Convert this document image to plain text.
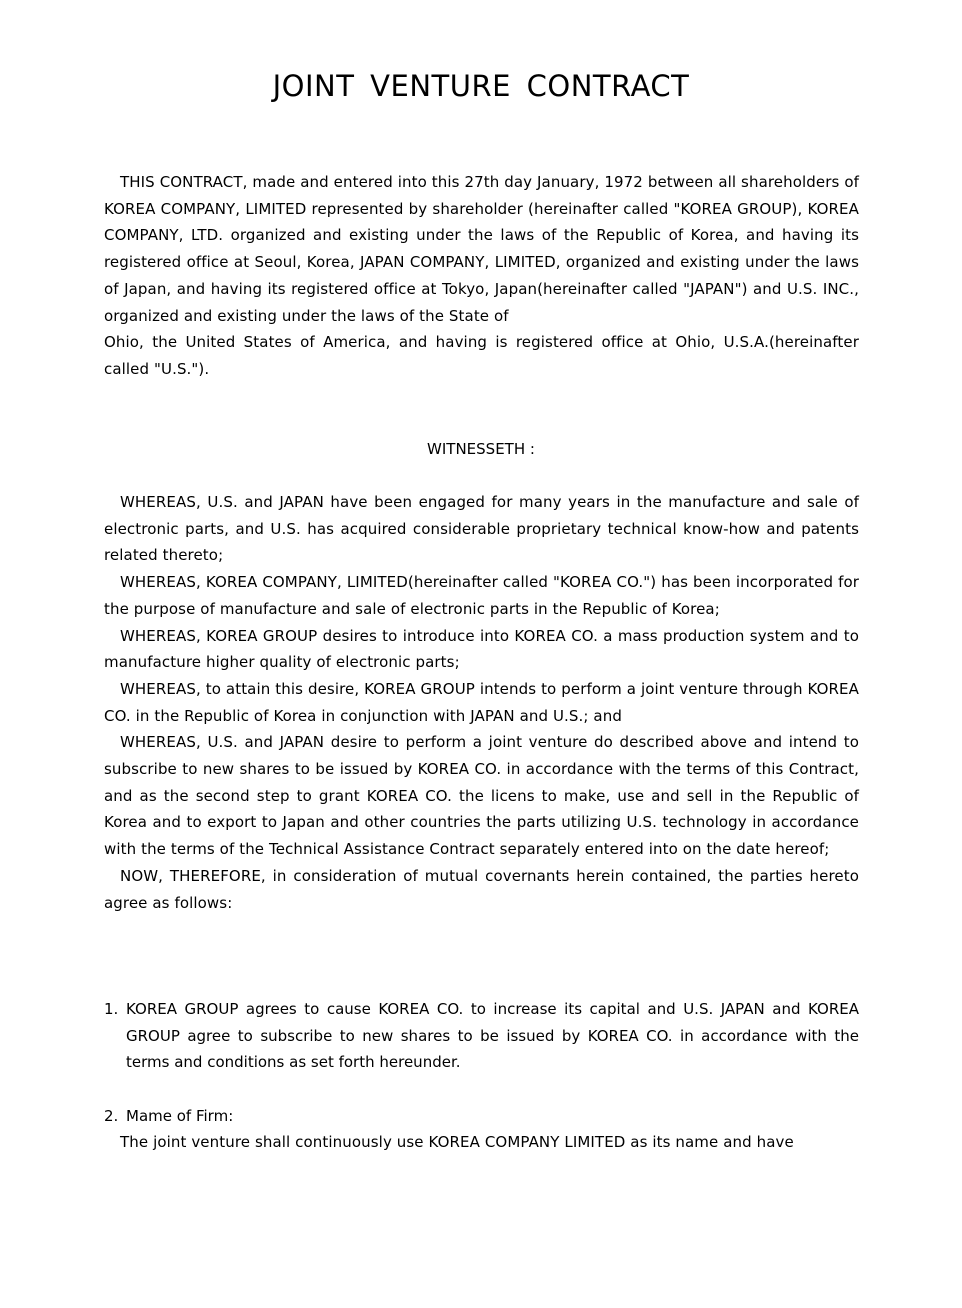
JOINT VENTURE CONTRACT

THIS CONTRACT, made and entered into this 27th day January, 1972 between all shareholders of KOREA COMPANY, LIMITED represented by shareholder (hereinafter called "KOREA GROUP), KOREA COMPANY, LTD. organized and existing under the laws of the Republic of Korea, and having its registered office at Seoul, Korea, JAPAN COMPANY, LIMITED, organized and existing under the laws of Japan, and having its registered office at Tokyo, Japan(hereinafter called "JAPAN") and U.S. INC., organized and existing under the laws of the State of

Ohio, the United States of America, and having is registered office at Ohio, U.S.A.(hereinafter called "U.S.").

WITNESSETH :

WHEREAS, U.S. and JAPAN have been engaged for many years in the manufacture and sale of electronic parts, and U.S. has acquired considerable proprietary technical know-how and patents related thereto;

WHEREAS, KOREA COMPANY, LIMITED(hereinafter called "KOREA CO.") has been incorporated for the purpose of manufacture and sale of electronic parts in the Republic of Korea;

WHEREAS, KOREA GROUP desires to introduce into KOREA CO. a mass production system and to manufacture higher quality of electronic parts;

WHEREAS, to attain this desire, KOREA GROUP intends to perform a joint venture through KOREA CO. in the Republic of Korea in conjunction with JAPAN and U.S.; and

WHEREAS, U.S. and JAPAN desire to perform a joint venture do described above and intend to subscribe to new shares to be issued by KOREA CO. in accordance with the terms of this Contract, and as the second step to grant KOREA CO. the licens to make, use and sell in the Republic of Korea and to export to Japan and other countries the parts utilizing U.S. technology in accordance with the terms of the Technical Assistance Contract separately entered into on the date hereof;

NOW, THEREFORE, in consideration of mutual covernants herein contained, the parties hereto agree as follows:

1. KOREA GROUP agrees to cause KOREA CO. to increase its capital and U.S. JAPAN and KOREA GROUP agree to subscribe to new shares to be issued by KOREA CO. in accordance with the terms and conditions as set forth hereunder.
2. Mame of Firm:

The joint venture shall continuously use KOREA COMPANY LIMITED as its name and have
